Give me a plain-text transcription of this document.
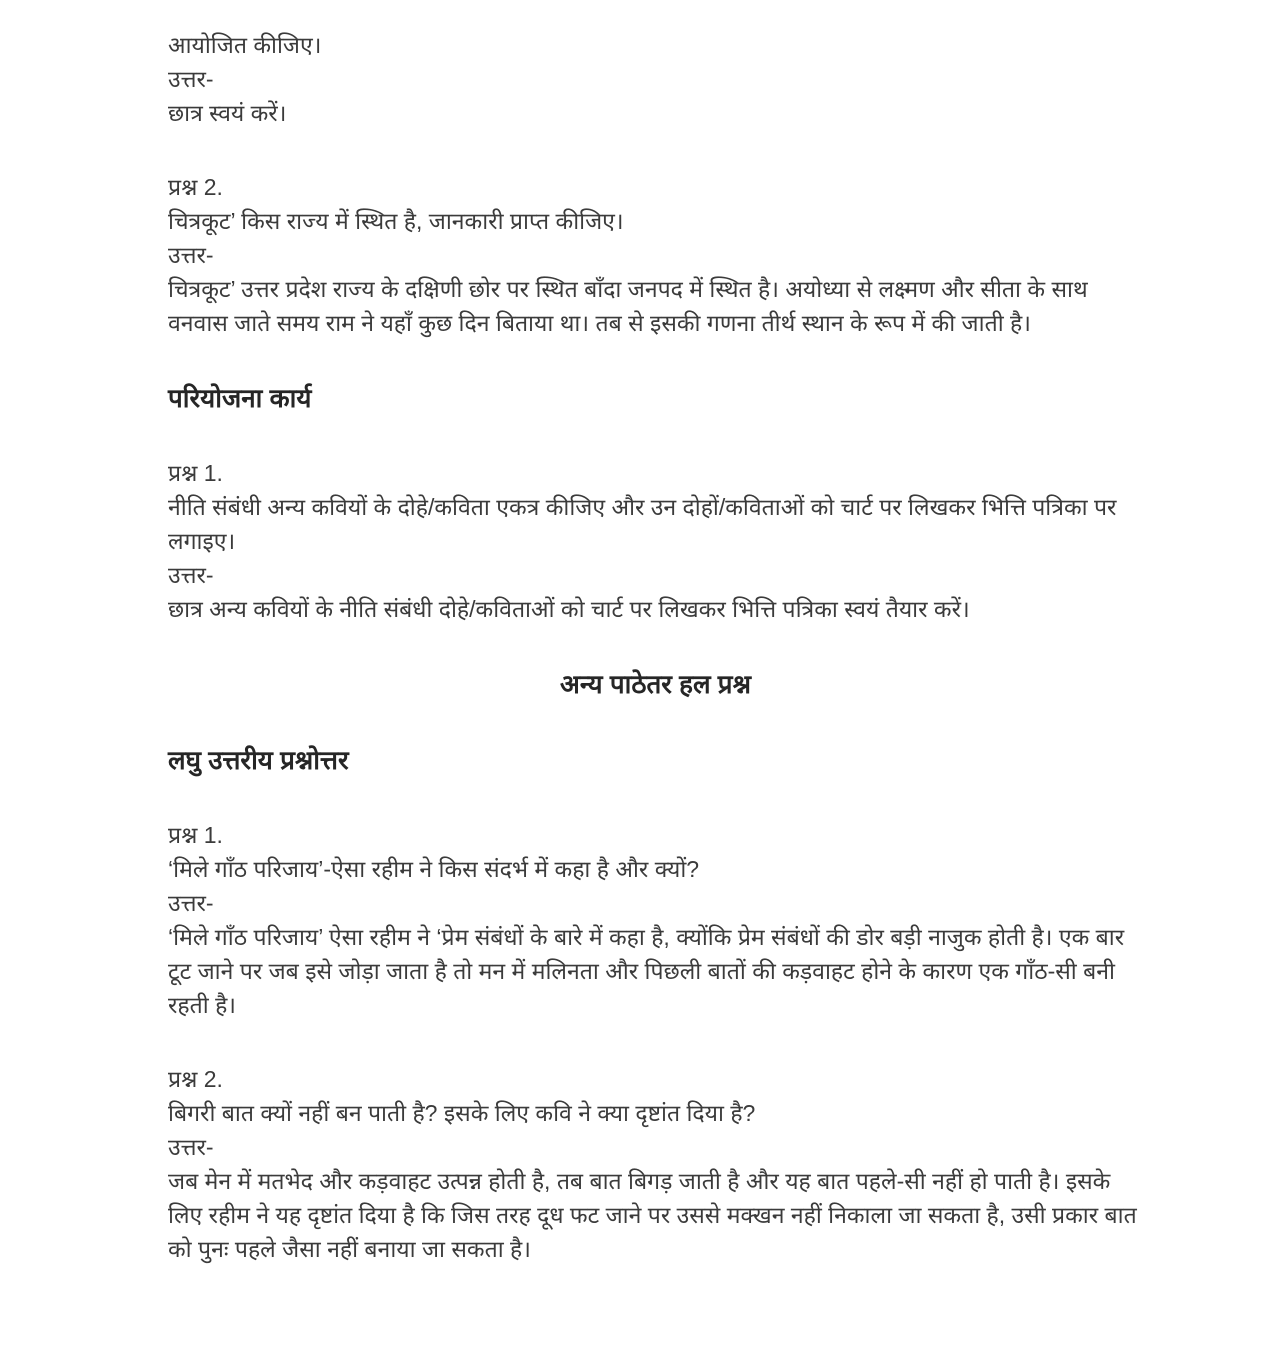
आयोजित कीजिए।
उत्तर-
छात्र स्वयं करें।

प्रश्न 2.
चित्रकूट’ किस राज्य में स्थित है, जानकारी प्राप्त कीजिए।
उत्तर-
चित्रकूट’ उत्तर प्रदेश राज्य के दक्षिणी छोर पर स्थित बाँदा जनपद में स्थित है। अयोध्या से लक्ष्मण और सीता के साथ वनवास जाते समय राम ने यहाँ कुछ दिन बिताया था। तब से इसकी गणना तीर्थ स्थान के रूप में की जाती है।

परियोजना कार्य

प्रश्न 1.
नीति संबंधी अन्य कवियों के दोहे/कविता एकत्र कीजिए और उन दोहों/कविताओं को चार्ट पर लिखकर भित्ति पत्रिका पर लगाइए।
उत्तर-
छात्र अन्य कवियों के नीति संबंधी दोहे/कविताओं को चार्ट पर लिखकर भित्ति पत्रिका स्वयं तैयार करें।

अन्य पाठेतर हल प्रश्न
लघु उत्तरीय प्रश्नोत्तर

प्रश्न 1.
‘मिले गाँठ परिजाय’-ऐसा रहीम ने किस संदर्भ में कहा है और क्यों?
उत्तर-
‘मिले गाँठ परिजाय’ ऐसा रहीम ने ‘प्रेम संबंधों के बारे में कहा है, क्योंकि प्रेम संबंधों की डोर बड़ी नाजुक होती है। एक बार टूट जाने पर जब इसे जोड़ा जाता है तो मन में मलिनता और पिछली बातों की कड़वाहट होने के कारण एक गाँठ-सी बनी रहती है।

प्रश्न 2.
बिगरी बात क्यों नहीं बन पाती है? इसके लिए कवि ने क्या दृष्टांत दिया है?
उत्तर-
जब मेन में मतभेद और कड़वाहट उत्पन्न होती है, तब बात बिगड़ जाती है और यह बात पहले-सी नहीं हो पाती है। इसके लिए रहीम ने यह दृष्टांत दिया है कि जिस तरह दूध फट जाने पर उससे मक्खन नहीं निकाला जा सकता है, उसी प्रकार बात को पुनः पहले जैसा नहीं बनाया जा सकता है।
